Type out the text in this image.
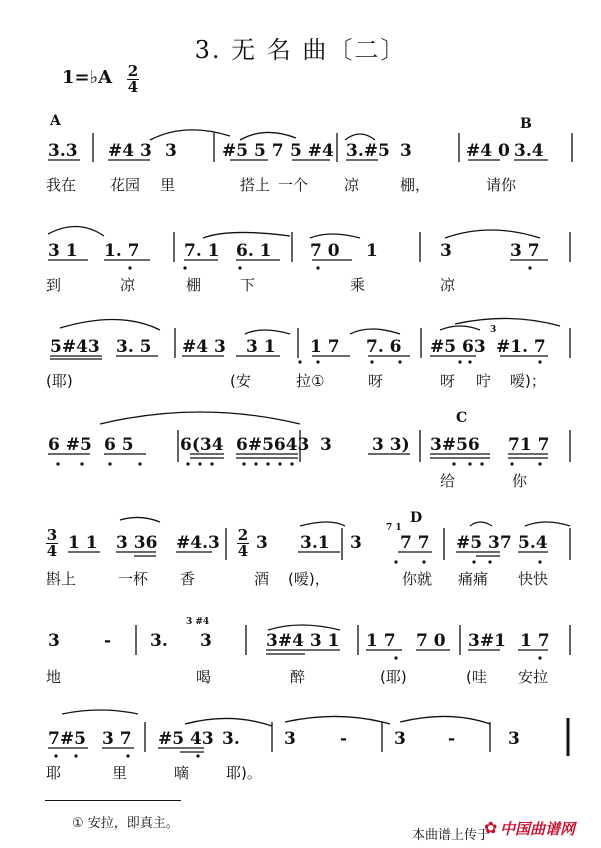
3. 无 名 曲〔二〕
1=♭A 2
4
A	B
C
D
3
4
2
4
3.3 #4 3 3	#5 5 7 5 #4 3.#5 3	#4 0 3.4
3 1 1. 7	7. 1 6. 1 7 0 1	3	3 7
5#43 3. 5 #4 3 3 1 1 7 7. 6 #5 63 #1. 7
6 #5 6 5	6(34 6#5643 3 3 3) 3#56 71 7
1 1 3 36 #4.3 3 3.1 3 7 7 #5 37 5.4
3	- 3. 3	3#4 3 1 1 7 7 0 3#1 1 7
7#5 3 7 #5 43 3.	3	-	3 -	3
3
3 #4
7 1
我在 花园 里	搭上 一个 凉	棚，	请你
到	凉	棚	下	乘	凉
(耶)	(安	拉①	呀	呀 咛 嗳)；
给	你
斟上	一杯 香	酒 (嗳)，	你就 痛痛 快快
地	喝	醉	(耶)	(哇 安拉
耶	里	嘀 耶)。
① 安拉，即真主。
本曲谱上传于
✿ 中国曲谱网
